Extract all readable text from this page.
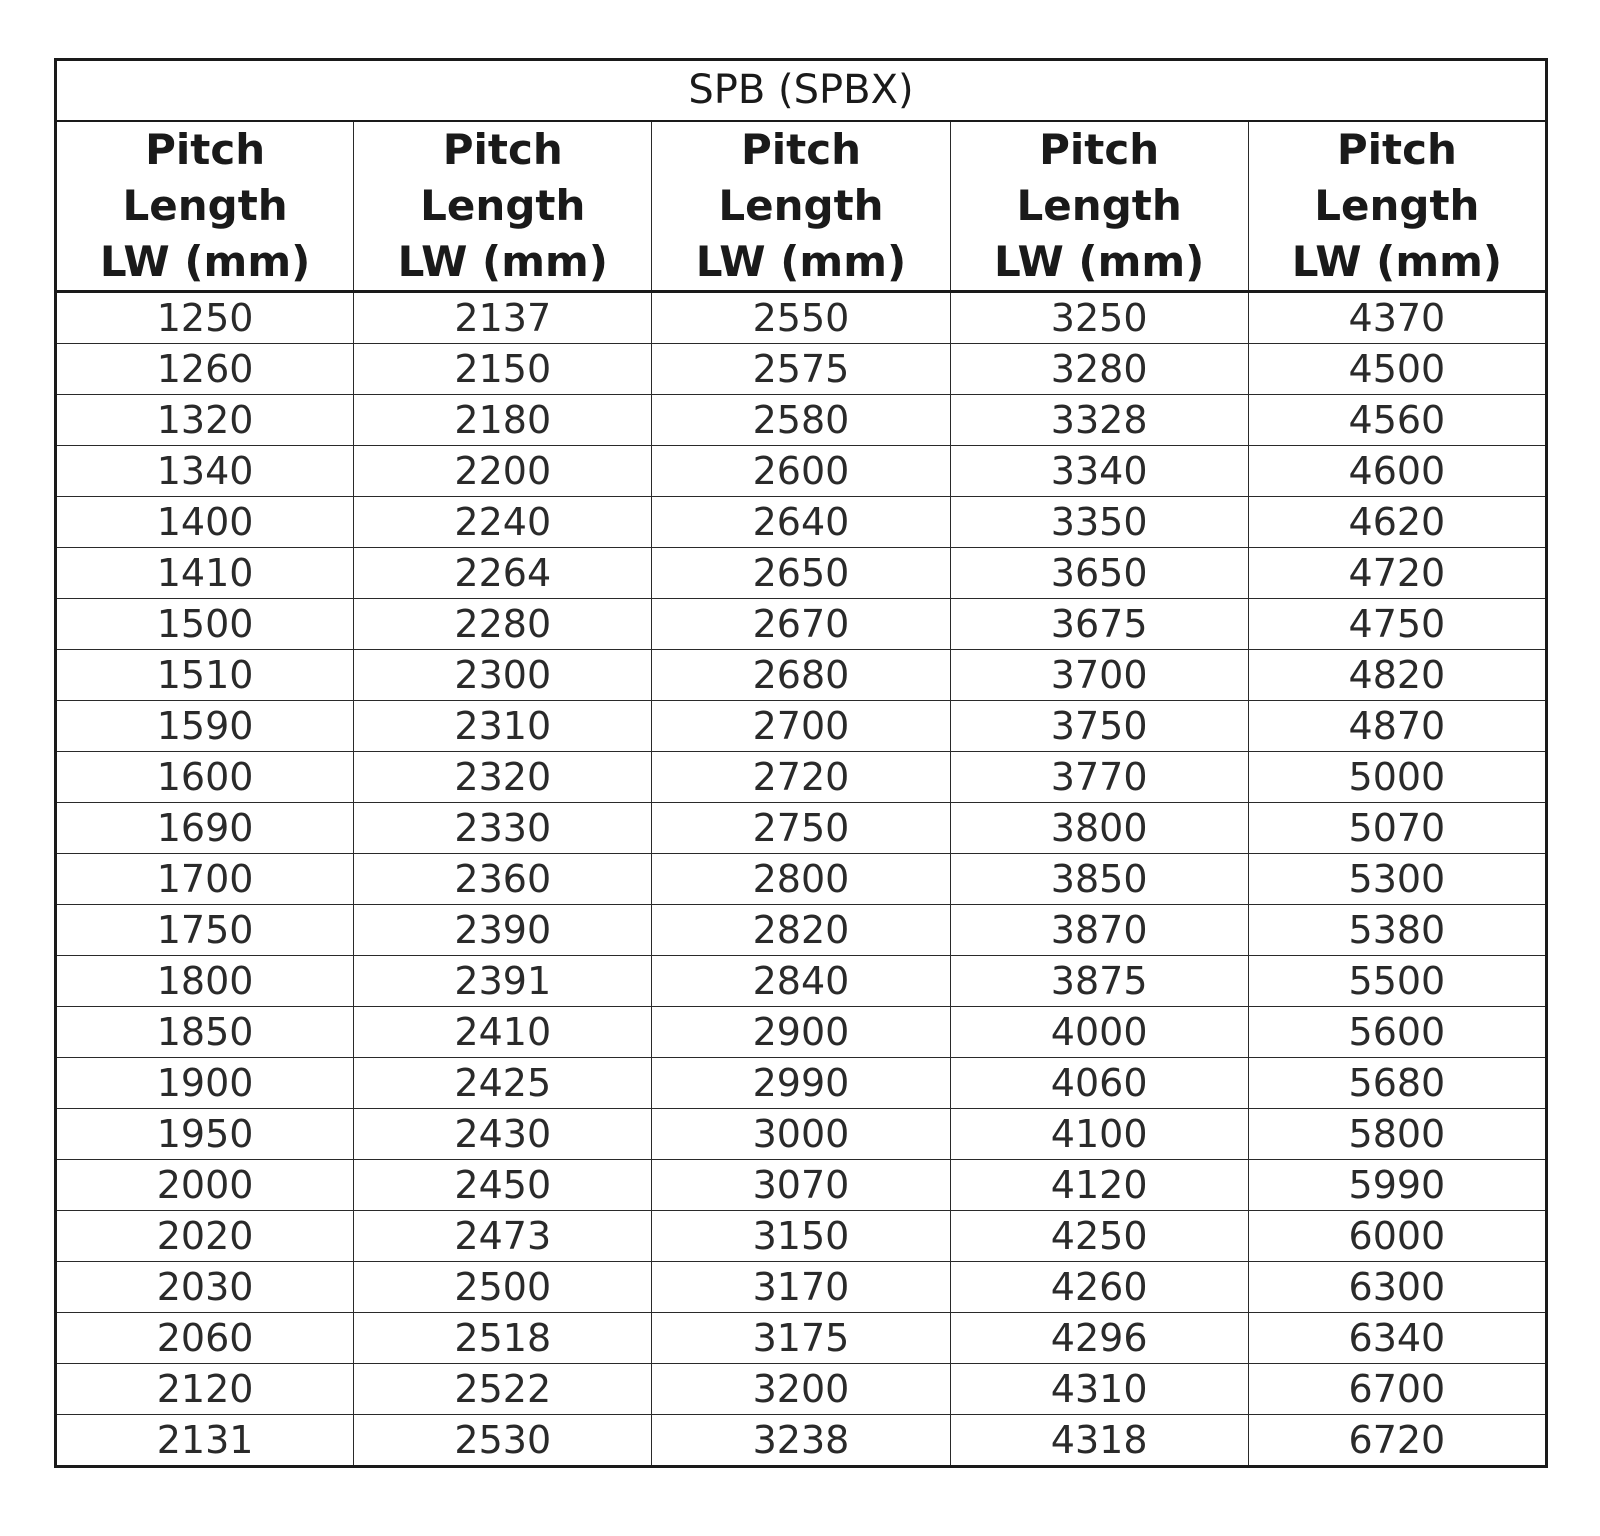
SPB (SPBX)				

Pitch Length
LW (mm)	Pitch Length
LW (mm)	Pitch Length
LW (mm)	Pitch Length
LW (mm)	Pitch Length
LW (mm)

1250	2137	2550	3250	4370
1260	2150	2575	3280	4500
1320	2180	2580	3328	4560
1340	2200	2600	3340	4600
1400	2240	2640	3350	4620
1410	2264	2650	3650	4720
1500	2280	2670	3675	4750
1510	2300	2680	3700	4820
1590	2310	2700	3750	4870
1600	2320	2720	3770	5000
1690	2330	2750	3800	5070
1700	2360	2800	3850	5300
1750	2390	2820	3870	5380
1800	2391	2840	3875	5500
1850	2410	2900	4000	5600
1900	2425	2990	4060	5680
1950	2430	3000	4100	5800
2000	2450	3070	4120	5990
2020	2473	3150	4250	6000
2030	2500	3170	4260	6300
2060	2518	3175	4296	6340
2120	2522	3200	4310	6700
2131	2530	3238	4318	6720
